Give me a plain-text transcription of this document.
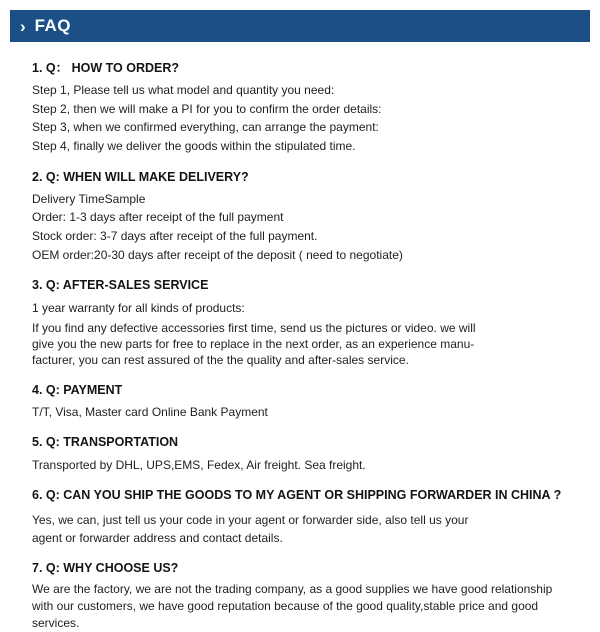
› FAQ
1. Q： HOW TO ORDER?
Step 1, Please tell us what model and quantity you need:
Step 2, then we will make a PI for you to confirm the order details:
Step 3, when we confirmed everything, can arrange the payment:
Step 4, finally we deliver the goods within the stipulated time.
2. Q: WHEN WILL MAKE DELIVERY?
Delivery TimeSample
Order: 1-3 days after receipt of the full payment
Stock order: 3-7 days after receipt of the full payment.
OEM order:20-30 days after receipt of the deposit ( need to negotiate)
3. Q: AFTER-SALES SERVICE
1 year warranty for all kinds of products:
If you find any defective accessories first time, send us the pictures or video. we will
give you the new parts for free to replace in the next order, as an experience manu-
facturer, you can rest assured of the the quality and after-sales service.
4. Q: PAYMENT
T/T, Visa, Master card Online Bank Payment
5. Q: TRANSPORTATION
Transported by DHL, UPS,EMS, Fedex, Air freight. Sea freight.
6. Q: CAN YOU SHIP THE GOODS TO MY AGENT OR SHIPPING FORWARDER IN CHINA ?
Yes, we can, just tell us your code in your agent or forwarder side, also tell us your
agent or forwarder address and contact details.
7. Q: WHY CHOOSE US?
We are the factory, we are not the trading company, as a good supplies we have good relationship
with our customers, we have good reputation because of the good quality,stable price and good
services.
